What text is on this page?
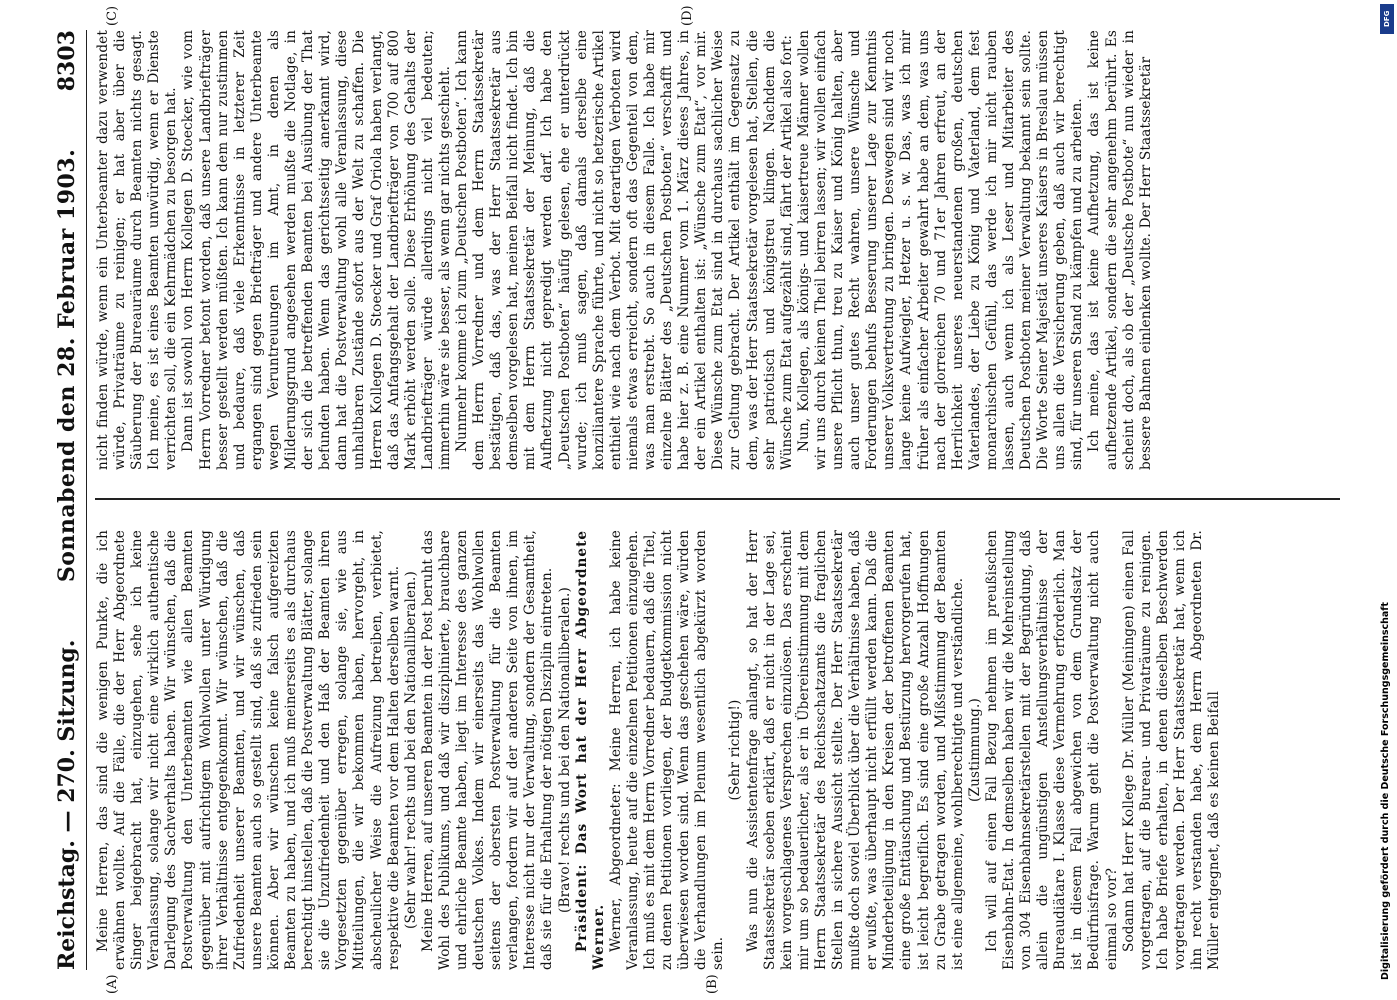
Reichstag. — 270. Sitzung.
Sonnabend den 28. Februar 1903.
8303
(A)	(B)
(C)	(D)

Meine Herren, das sind die wenigen Punkte, die ich erwähnen wollte. Auf die Fälle, die der Herr Abgeordnete Singer beigebracht hat, einzugehen, sehe ich keine Veranlassung, solange wir nicht eine wirklich authentische Darlegung des Sachverhalts haben. Wir wünschen, daß die Postverwaltung den Unterbeamten wie allen Beamten gegenüber mit aufrichtigem Wohlwollen unter Würdigung ihrer Verhältnisse entgegenkommt. Wir wünschen, daß die Zufriedenheit unserer Beamten, und wir wünschen, daß unsere Beamten auch so gestellt sind, daß sie zufrieden sein können. Aber wir wünschen keine falsch aufgereizten Beamten zu haben, und ich muß meinerseits es als durchaus berechtigt hinstellen, daß die Postverwaltung Blätter, solange sie die Unzufriedenheit und den Haß der Beamten ihren Vorgesetzten gegenüber erregen, solange sie, wie aus Mitteilungen, die wir bekommen haben, hervorgeht, in abscheulicher Weise die Aufreizung betreiben, verbietet, respektive die Beamten vor dem Halten derselben warnt. (Sehr wahr! rechts und bei den Nationalliberalen.) Meine Herren, auf unseren Beamten in der Post beruht das Wohl des Publikums, und daß wir disziplinierte, brauchbare und ehrliche Beamte haben, liegt im Interesse des ganzen deutschen Volkes. Indem wir einerseits das Wohlwollen seitens der obersten Postverwaltung für die Beamten verlangen, fordern wir auf der anderen Seite von ihnen, im Interesse nicht nur der Verwaltung, sondern der Gesamtheit, daß sie für die Erhaltung der nötigen Disziplin eintreten. (Bravo! rechts und bei den Nationalliberalen.) Präsident: Das Wort hat der Herr Abgeordnete Werner. Werner, Abgeordneter: Meine Herren, ich habe keine Veranlassung, heute auf die einzelnen Petitionen einzugehen. Ich muß es mit dem Herrn Vorredner bedauern, daß die Titel, zu denen Petitionen vorliegen, der Budgetkommission nicht überwiesen worden sind. Wenn das geschehen wäre, würden die Verhandlungen im Plenum wesentlich abgekürzt worden sein.

(Sehr richtig!) Was nun die Assistentenfrage anlangt, so hat der Herr Staatssekretär soeben erklärt, daß er nicht in der Lage sei, kein vorgeschlagenes Versprechen einzulösen. Das erscheint mir um so bedauerlicher, als er in Übereinstimmung mit dem Herrn Staatssekretär des Reichsschatzamts die fraglichen Stellen in sichere Aussicht stellte. Der Herr Staatssekretär mußte doch soviel Überblick über die Verhältnisse haben, daß er wußte, was überhaupt nicht erfüllt werden kann. Daß die Minderbeteiligung in den Kreisen der betroffenen Beamten eine große Enttäuschung und Bestürzung hervorgerufen hat, ist leicht begreiflich. Es sind eine große Anzahl Hoffnungen zu Grabe getragen worden, und Mißstimmung der Beamten ist eine allgemeine, wohlberechtigte und verständliche. (Zustimmung.) Ich will auf einen Fall Bezug nehmen im preußischen Eisenbahn-Etat. In demselben haben wir die Mehreinstellung von 304 Eisenbahnsekretärstellen mit der Begründung, daß allein die ungünstigen Anstellungsverhältnisse der Bureaudiätare I. Klasse diese Vermehrung erforderlich. Man ist in diesem Fall abgewichen von dem Grundsatz der Bedürfnisfrage. Warum geht die Postverwaltung nicht auch einmal so vor? Sodann hat Herr Kollege Dr. Müller (Meiningen) einen Fall vorgetragen, auf die Bureau- und Privaträume zu reinigen. Ich habe Briefe erhalten, in denen dieselben Beschwerden vorgetragen werden. Der Herr Staatssekretär hat, wenn ich ihn recht verstanden habe, dem Herrn Abgeordneten Dr. Müller entgegnet, daß es keinen Beifall

nicht finden würde, wenn ein Unterbeamter dazu verwendet würde, Privaträume zu reinigen; er hat aber über die Säuberung der Bureauräume durch Beamten nichts gesagt. Ich meine, es ist eines Beamten unwürdig, wenn er Dienste verrichten soll, die ein Kehrmädchen zu besorgen hat. Dann ist sowohl von Herrn Kollegen D. Stoecker, wie vom Herrn Vorredner betont worden, daß unsere Landbriefträger besser gestellt werden müßten. Ich kann dem nur zustimmen und bedaure, daß viele Erkenntnisse in letzterer Zeit ergangen sind gegen Briefträger und andere Unterbeamte wegen Veruntreuungen im Amt, in denen als Milderungsgrund angesehen werden mußte die Notlage, in der sich die betreffenden Beamten bei Ausübung der That befunden haben. Wenn das gerichtsseitig anerkannt wird, dann hat die Postverwaltung wohl alle Veranlassung, diese unhaltbaren Zustände sofort aus der Welt zu schaffen. Die Herren Kollegen D. Stoecker und Graf Oriola haben verlangt, daß das Anfangsgehalt der Landbriefträger von 700 auf 800 Mark erhöht werden solle. Diese Erhöhung des Gehalts der Landbriefträger würde allerdings nicht viel bedeuten; immerhin wäre sie besser, als wenn gar nichts geschieht. Nunmehr komme ich zum „Deutschen Postboten“. Ich kann dem Herrn Vorredner und dem Herrn Staatssekretär bestätigen, daß das, was der Herr Staatssekretär aus demselben vorgelesen hat, meinen Beifall nicht findet. Ich bin mit dem Herrn Staatssekretär der Meinung, daß die Aufhetzung nicht gepredigt werden darf. Ich habe den „Deutschen Postboten“ häufig gelesen, ehe er unterdrückt wurde; ich muß sagen, daß damals derselbe eine konziliantere Sprache führte, und nicht so hetzerische Artikel enthielt wie nach dem Verbot. Mit derartigen Verboten wird niemals etwas erreicht, sondern oft das Gegenteil von dem, was man erstrebt. So auch in diesem Falle. Ich habe mir einzelne Blätter des „Deutschen Postboten“ verschafft und habe hier z. B. eine Nummer vom 1. März dieses Jahres, in der ein Artikel enthalten ist: „Wünsche zum Etat“, vor mir. Diese Wünsche zum Etat sind in durchaus sachlicher Weise zur Geltung gebracht. Der Artikel enthält im Gegensatz zu dem, was der Herr Staatssekretär vorgelesen hat, Stellen, die sehr patriotisch und königstreu klingen. Nachdem die Wünsche zum Etat aufgezählt sind, fährt der Artikel also fort: Nun, Kollegen, als königs- und kaisertreue Männer wollen wir uns durch keinen Theil beirren lassen; wir wollen einfach unsere Pflicht thun, treu zu Kaiser und König halten, aber auch unser gutes Recht wahren, unsere Wünsche und Forderungen behufs Besserung unserer Lage zur Kenntnis unserer Volksvertretung zu bringen. Deswegen sind wir noch lange keine Aufwiegler, Hetzer u. s. w. Das, was ich mir früher als einfacher Arbeiter gewahrt habe an dem, was uns nach der glorreichen 70 und 71er Jahren erfreut, an der Herrlichkeit unseres neuerstandenen großen, deutschen Vaterlandes, der Liebe zu König und Vaterland, dem fest monarchischen Gefühl, das werde ich mir nicht rauben lassen, auch wenn ich als Leser und Mitarbeiter des Deutschen Postboten meiner Verwaltung bekannt sein sollte. Die Worte Seiner Majestät unseres Kaisers in Breslau müssen uns allen die Versicherung geben, daß auch wir berechtigt sind, für unseren Stand zu kämpfen und zu arbeiten. Ich meine, das ist keine Aufhetzung, das ist keine aufhetzende Artikel, sondern die sehr angenehm berührt. Es scheint doch, als ob der „Deutsche Postbote“ nun wieder in bessere Bahnen einlenken wollte. Der Herr Staatssekretär

DFG
Digitalisierung gefördert durch die Deutsche Forschungsgemeinschaft
